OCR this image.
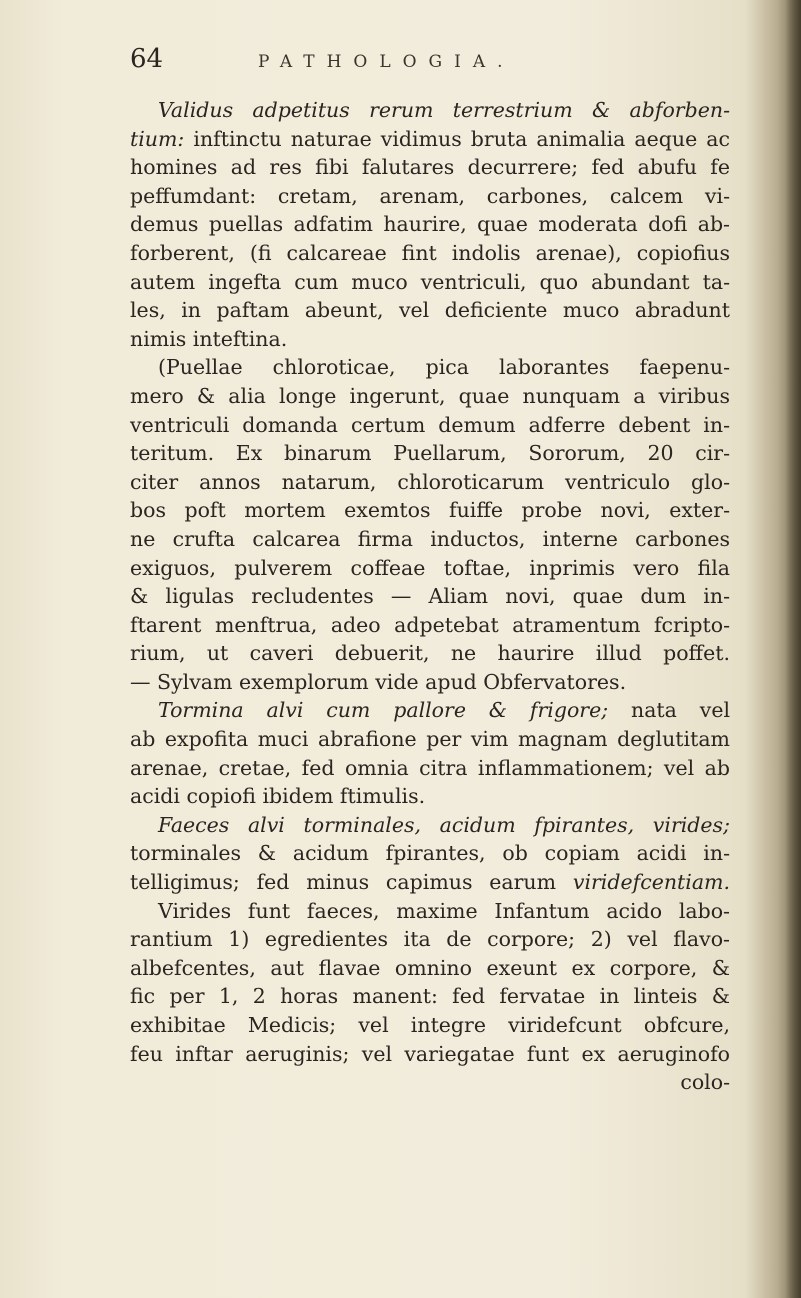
64	PATHOLOGIA.
Validus adpetitus rerum terrestrium & abforben-
tium: inftinctu naturae vidimus bruta animalia aeque ac
homines ad res fibi falutares decurrere; fed abufu fe
peffumdant: cretam, arenam, carbones, calcem vi-
demus puellas adfatim haurire, quae moderata dofi ab-
forberent, (fi calcareae fint indolis arenae), copiofius
autem ingefta cum muco ventriculi, quo abundant ta-
les, in paftam abeunt, vel deficiente muco abradunt
nimis inteftina.
(Puellae chloroticae, pica laborantes faepenu-
mero & alia longe ingerunt, quae nunquam a viribus
ventriculi domanda certum demum adferre debent in-
teritum. Ex binarum Puellarum, Sororum, 20 cir-
citer annos natarum, chloroticarum ventriculo glo-
bos poft mortem exemtos fuiffe probe novi, exter-
ne crufta calcarea firma inductos, interne carbones
exiguos, pulverem coffeae toftae, inprimis vero fila
& ligulas recludentes — Aliam novi, quae dum in-
ftarent menftrua, adeo adpetebat atramentum fcripto-
rium, ut caveri debuerit, ne haurire illud poffet.
— Sylvam exemplorum vide apud Obfervatores.
Tormina alvi cum pallore & frigore; nata vel
ab expofita muci abrafione per vim magnam deglutitam
arenae, cretae, fed omnia citra inflammationem; vel ab
acidi copiofi ibidem ftimulis.
Faeces alvi torminales, acidum fpirantes, virides;
torminales & acidum fpirantes, ob copiam acidi in-
telligimus; fed minus capimus earum viridefcentiam.
Virides funt faeces, maxime Infantum acido labo-
rantium 1) egredientes ita de corpore; 2) vel flavo-
albefcentes, aut flavae omnino exeunt ex corpore, &
fic per 1, 2 horas manent: fed fervatae in linteis &
exhibitae Medicis; vel integre viridefcunt obfcure,
feu inftar aeruginis; vel variegatae funt ex aeruginofo
colo-
